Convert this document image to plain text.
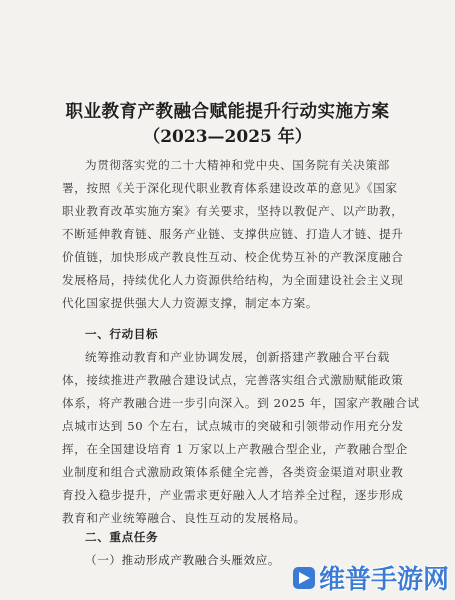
职业教育产教融合赋能提升行动实施方案
（2023—2025 年）
为贯彻落实党的二十大精神和党中央、国务院有关决策部
署，按照《关于深化现代职业教育体系建设改革的意见》《国家
职业教育改革实施方案》有关要求，坚持以教促产、以产助教，
不断延伸教育链、服务产业链、支撑供应链、打造人才链、提升
价值链，加快形成产教良性互动、校企优势互补的产教深度融合
发展格局，持续优化人力资源供给结构，为全面建设社会主义现
代化国家提供强大人力资源支撑，制定本方案。
一、行动目标
统筹推动教育和产业协调发展，创新搭建产教融合平台载
体，接续推进产教融合建设试点，完善落实组合式激励赋能政策
体系，将产教融合进一步引向深入。到 2025 年，国家产教融合试
点城市达到 50 个左右，试点城市的突破和引领带动作用充分发
挥，在全国建设培育 1 万家以上产教融合型企业，产教融合型企
业制度和组合式激励政策体系健全完善，各类资金渠道对职业教
育投入稳步提升，产业需求更好融入人才培养全过程，逐步形成
教育和产业统筹融合、良性互动的发展格局。
二、重点任务
（一）推动形成产教融合头雁效应。
维普手游网
